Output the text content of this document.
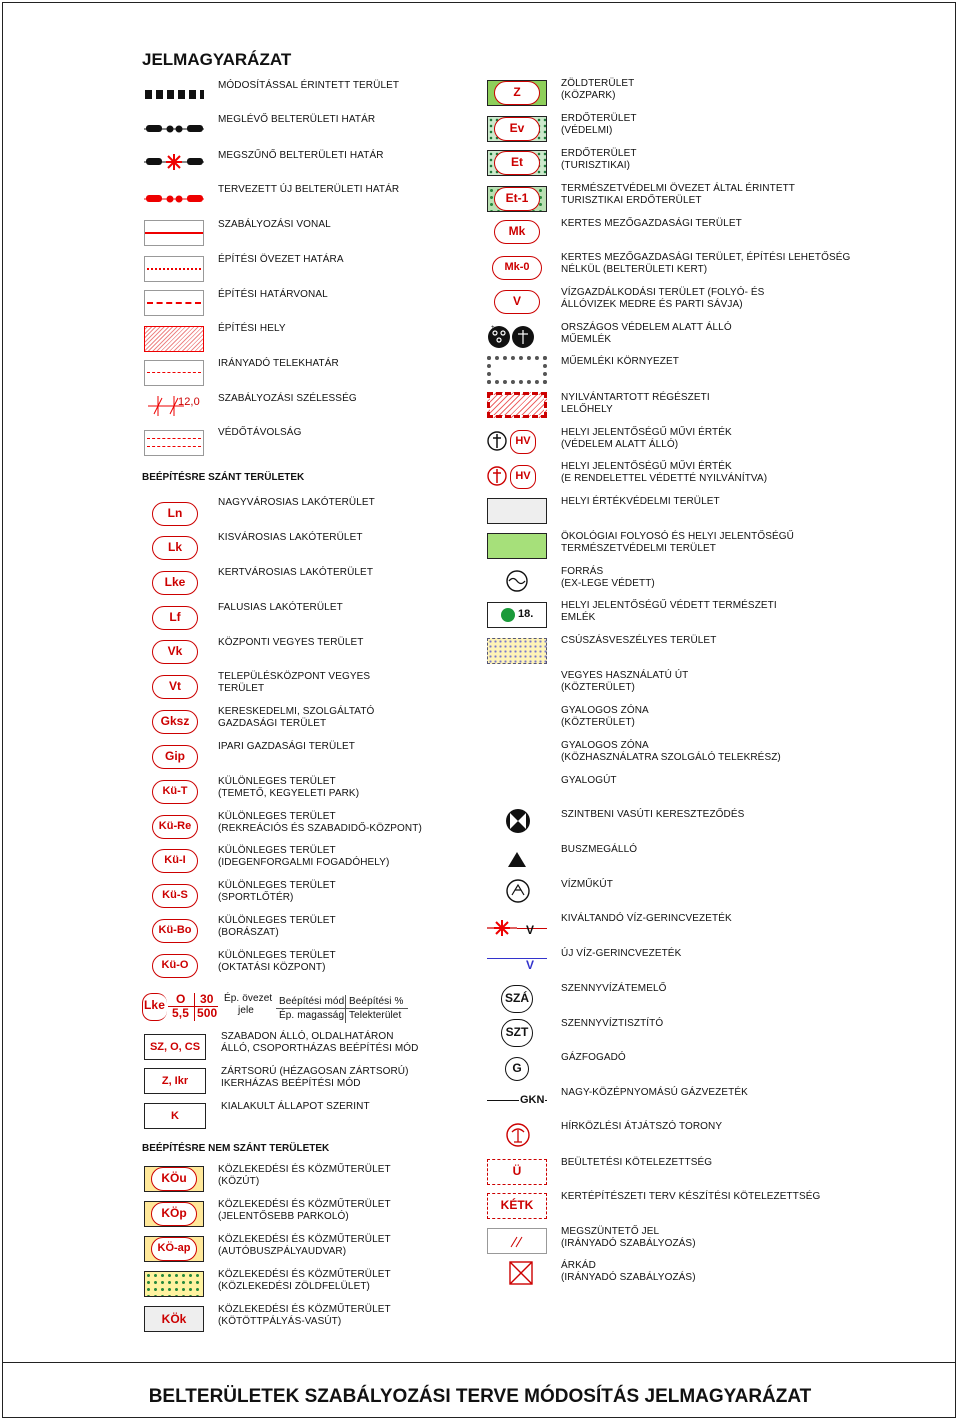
JELMAGYARÁZAT
BELTERÜLETEK SZABÁLYOZÁSI TERVE MÓDOSÍTÁS JELMAGYARÁZAT
MÓDOSÍTÁSSAL ÉRINTETT TERÜLET
MEGLÉVŐ BELTERÜLETI HATÁR
MEGSZŰNŐ BELTERÜLETI HATÁR
TERVEZETT ÚJ BELTERÜLETI HATÁR
SZABÁLYOZÁSI VONAL
ÉPÍTÉSI ÖVEZET HATÁRA
ÉPÍTÉSI HATÁRVONAL
ÉPÍTÉSI HELY
IRÁNYADÓ TELEKHATÁR
12,0 SZABÁLYOZÁSI SZÉLESSÉG
VÉDŐTÁVOLSÁG
BEÉPÍTÉSRE SZÁNT TERÜLETEK
Ln
NAGYVÁROSIAS LAKÓTERÜLET
Lk
KISVÁROSIAS LAKÓTERÜLET
Lke
KERTVÁROSIAS LAKÓTERÜLET
Lf
FALUSIAS LAKÓTERÜLET
Vk
KÖZPONTI VEGYES TERÜLET
Vt
TELEPÜLÉSKÖZPONT VEGYES
TERÜLET
Gksz
KERESKEDELMI, SZOLGÁLTATÓ
GAZDASÁGI TERÜLET
Gip
IPARI GAZDASÁGI TERÜLET
Kü-T
KÜLÖNLEGES TERÜLET
(TEMETŐ, KEGYELETI PARK)
Kü-Re
KÜLÖNLEGES TERÜLET
(REKREÁCIÓS ÉS SZABADIDŐ-KÖZPONT)
Kü-I
KÜLÖNLEGES TERÜLET
(IDEGENFORGALMI FOGADÓHELY)
Kü-S
KÜLÖNLEGES TERÜLET
(SPORTLŐTÉR)
Kü-Bo
KÜLÖNLEGES TERÜLET
(BORÁSZAT)
Kü-O
KÜLÖNLEGES TERÜLET
(OKTATÁSI KÖZPONT)
Lke O 30
5,5 500
Ép. övezet
jele
Beépítési mód Beépítési %
Ép. magasság Telekterület
SZ, O, CS
SZABADON ÁLLÓ, OLDALHATÁRON
ÁLLÓ, CSOPORTHÁZAS BEÉPÍTÉSI MÓD
Z, Ikr
ZÁRTSORÚ (HÉZAGOSAN ZÁRTSORÚ)
IKERHÁZAS BEÉPÍTÉSI MÓD
K
KIALAKULT ÁLLAPOT SZERINT
BEÉPÍTÉSRE NEM SZÁNT TERÜLETEK
KÖu
KÖZLEKEDÉSI ÉS KÖZMŰTERÜLET
(KÖZÚT)
KÖp
KÖZLEKEDÉSI ÉS KÖZMŰTERÜLET
(JELENTŐSEBB PARKOLÓ)
KÖ-ap
KÖZLEKEDÉSI ÉS KÖZMŰTERÜLET
(AUTÓBUSZPÁLYAUDVAR)
KÖZLEKEDÉSI ÉS KÖZMŰTERÜLET
(KÖZLEKEDÉSI ZÖLDFELÜLET)
KÖk
KÖZLEKEDÉSI ÉS KÖZMŰTERÜLET
(KÖTÖTTPÁLYÁS-VASÚT)
Z
ZÖLDTERÜLET
(KÖZPARK)
Ev
ERDŐTERÜLET
(VÉDELMI)
Et
ERDŐTERÜLET
(TURISZTIKAI)
Et-1
TERMÉSZETVÉDELMI ÖVEZET ÁLTAL ÉRINTETT
TURISZTIKAI ERDŐTERÜLET
Mk
KERTES MEZŐGAZDASÁGI TERÜLET
Mk-0
KERTES MEZŐGAZDASÁGI TERÜLET, ÉPÍTÉSI LEHETŐSÉG
NÉLKÜL (BELTERÜLETI KERT)
V
VÍZGAZDÁLKODÁSI TERÜLET (FOLYÓ- ÉS
ÁLLÓVIZEK MEDRE ÉS PARTI SÁVJA)
+	ORSZÁGOS VÉDELEM ALATT ÁLLÓ
MŰEMLÉK
MŰEMLÉKI KÖRNYEZET
NYILVÁNTARTOTT RÉGÉSZETI
LELŐHELY
HV
HELYI JELENTŐSÉGŰ MŰVI ÉRTÉK
(VÉDELEM ALATT ÁLLÓ)
HV
HELYI JELENTŐSÉGŰ MŰVI ÉRTÉK
(E RENDELETTEL VÉDETTÉ NYILVÁNÍTVA)
HELYI ÉRTÉKVÉDELMI TERÜLET
ÖKOLÓGIAI FOLYOSÓ ÉS HELYI JELENTŐSÉGŰ
TERMÉSZETVÉDELMI TERÜLET
FORRÁS
(EX-LEGE VÉDETT)
18.
HELYI JELENTŐSÉGŰ VÉDETT TERMÉSZETI
EMLÉK
CSÚSZÁSVESZÉLYES TERÜLET
VEGYES HASZNÁLATÚ ÚT
(KÖZTERÜLET)
GYALOGOS ZÓNA
(KÖZTERÜLET)
GYALOGOS ZÓNA
(KÖZHASZNÁLATRA SZOLGÁLÓ TELEKRÉSZ)
GYALOGÚT
SZINTBENI VASÚTI KERESZTEZŐDÉS
BUSZMEGÁLLÓ
VÍZMŰKÚT
V
KIVÁLTANDÓ VÍZ-GERINCVEZETÉK
V
ÚJ VÍZ-GERINCVEZETÉK
SZÁ
SZENNYVÍZÁTEMELŐ
SZT
SZENNYVÍZTISZTÍTÓ
G
GÁZFOGADÓ
GKN
NAGY-KÖZÉPNYOMÁSÚ GÁZVEZETÉK
HÍRKÖZLÉSI ÁTJÁTSZÓ TORONY
Ü
BEÜLTETÉSI KÖTELEZETTSÉG
KÉTK
KERTÉPÍTÉSZETI TERV KÉSZÍTÉSI KÖTELEZETTSÉG
MEGSZÜNTETŐ JEL
(IRÁNYADÓ SZABÁLYOZÁS)
ÁRKÁD
(IRÁNYADÓ SZABÁLYOZÁS)
